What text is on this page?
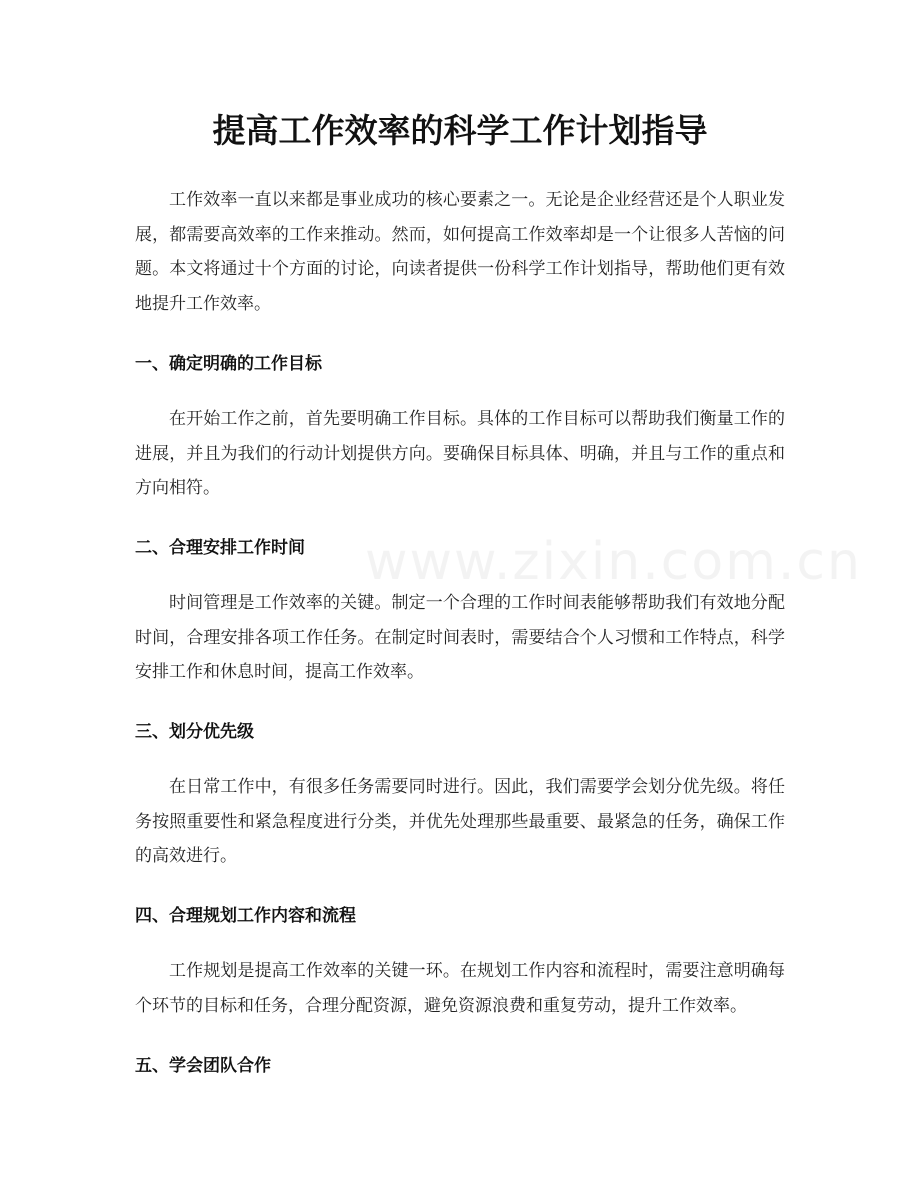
提高工作效率的科学工作计划指导

工作效率一直以来都是事业成功的核心要素之一。无论是企业经营还是个人职业发展，都需要高效率的工作来推动。然而，如何提高工作效率却是一个让很多人苦恼的问题。本文将通过十个方面的讨论，向读者提供一份科学工作计划指导，帮助他们更有效地提升工作效率。

一、确定明确的工作目标

在开始工作之前，首先要明确工作目标。具体的工作目标可以帮助我们衡量工作的进展，并且为我们的行动计划提供方向。要确保目标具体、明确，并且与工作的重点和方向相符。

二、合理安排工作时间

时间管理是工作效率的关键。制定一个合理的工作时间表能够帮助我们有效地分配时间，合理安排各项工作任务。在制定时间表时，需要结合个人习惯和工作特点，科学安排工作和休息时间，提高工作效率。

三、划分优先级

在日常工作中，有很多任务需要同时进行。因此，我们需要学会划分优先级。将任务按照重要性和紧急程度进行分类，并优先处理那些最重要、最紧急的任务，确保工作的高效进行。

四、合理规划工作内容和流程

工作规划是提高工作效率的关键一环。在规划工作内容和流程时，需要注意明确每个环节的目标和任务，合理分配资源，避免资源浪费和重复劳动，提升工作效率。

五、学会团队合作
www.zixin.com.cn
